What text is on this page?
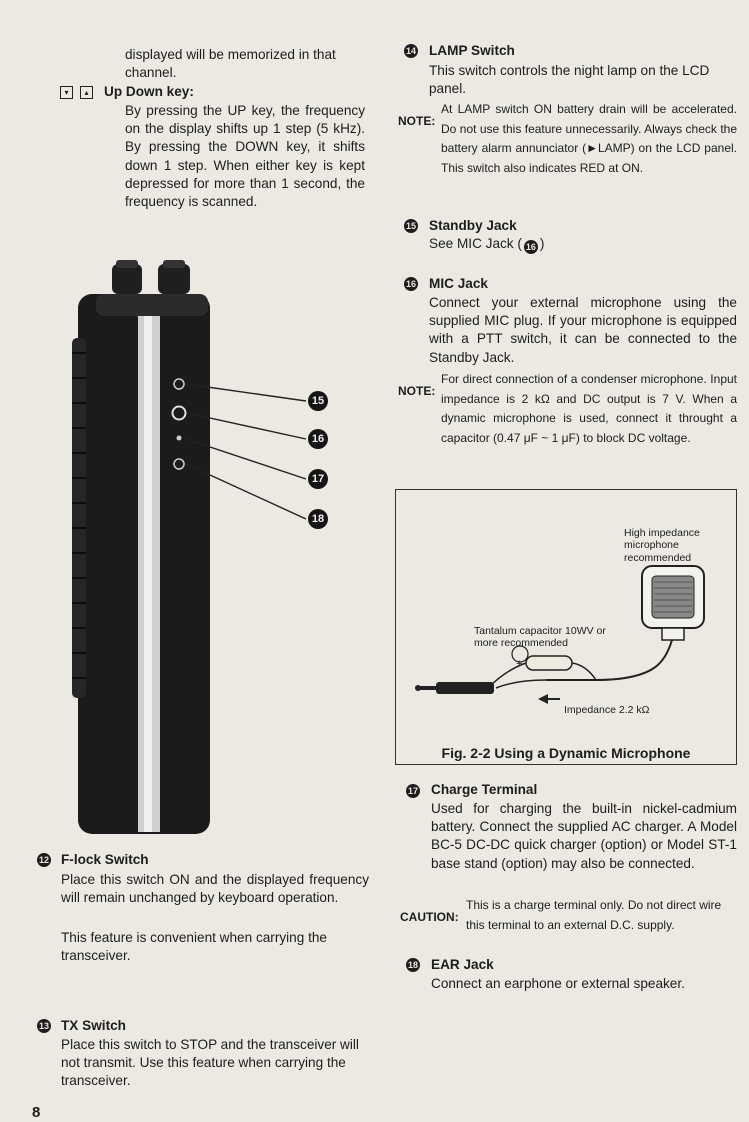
displayed will be memorized in that channel.

▾	▴	Up Down key:

By pressing the UP key, the frequency on the display shifts up 1 step (5 kHz). By pressing the DOWN key, it shifts down 1 step. When either key is kept depressed for more than 1 second, the frequency is scanned.

15
16
17
18
12 F-lock Switch

Place this switch ON and the displayed frequency will remain unchanged by keyboard operation.

This feature is convenient when carrying the transceiver.

13 TX Switch

Place this switch to STOP and the transceiver will not transmit. Use this feature when carrying the transceiver.

8

14 LAMP Switch

This switch controls the night lamp on the LCD panel.

NOTE:

At LAMP switch ON battery drain will be accelerated. Do not use this feature unnecessarily. Always check the battery alarm annunciator (►LAMP) on the LCD panel. This switch also indicates RED at ON.

15 Standby Jack

See MIC Jack ( 16 )

16 MIC Jack

Connect your external microphone using the supplied MIC plug. If your microphone is equipped with a PTT switch, it can be connected to the Standby Jack.

NOTE:

For direct connection of a condenser microphone. Input impedance is 2 kΩ and DC output is 7 V. When a dynamic microphone is used, connect it throught a capacitor (0.47 μF ~ 1 μF) to block DC voltage.

High impedance microphone recommended

Tantalum capacitor 10WV or more recommended

+

Impedance 2.2 kΩ

Fig. 2-2 Using a Dynamic Microphone

17 Charge Terminal

Used for charging the built-in nickel-cadmium battery. Connect the supplied AC charger. A Model BC-5 DC-DC quick charger (option) or Model ST-1 base stand (option) may also be connected.

CAUTION:

This is a charge terminal only. Do not direct wire this terminal to an external D.C. supply.

18 EAR Jack

Connect an earphone or external speaker.
